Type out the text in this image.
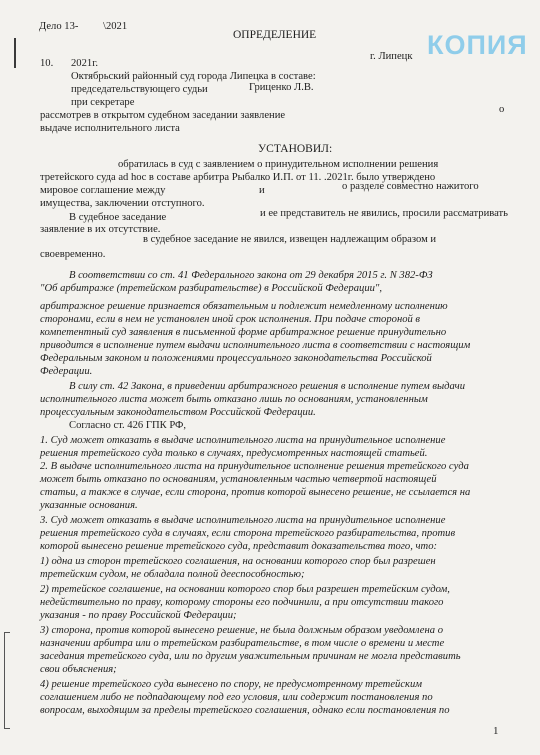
Дело 13- \2021
ОПРЕДЕЛЕНИЕ	КОПИЯ
10. 2021г.
г. Липецк
Октябрьский районный суд города Липецка в составе:
председательствующего судьи	Гриценко Л.В.
при секретаре
рассмотрев в открытом судебном заседании заявление
о
выдаче исполнительного листа
УСТАНОВИЛ:
обратилась в суд с заявлением о принудительном исполнении решения
третейского суда ad hoc в составе арбитра Рыбалко И.П. от 11. .2021г. было утверждено
мировое соглашение между	и	о разделе совместно нажитого
имущества, заключении отступного.
В судебное заседание	и ее представитель не явились, просили рассматривать
заявление в их отсутствие.
в судебное заседание не явился, извещен надлежащим образом и
своевременно.
В соответствии со ст. 41 Федерального закона от 29 декабря 2015 г. N 382-ФЗ
"Об арбитраже (третейском разбирательстве) в Российской Федерации",
арбитражное решение признается обязательным и подлежит немедленному исполнению
сторонами, если в нем не установлен иной срок исполнения. При подаче стороной в
компетентный суд заявления в письменной форме арбитражное решение принудительно
приводится в исполнение путем выдачи исполнительного листа в соответствии с настоящим
Федеральным законом и положениями процессуального законодательства Российской
Федерации.
В силу ст. 42 Закона, в приведении арбитражного решения в исполнение путем выдачи
исполнительного листа может быть отказано лишь по основаниям, установленным
процессуальным законодательством Российской Федерации.
Согласно ст. 426 ГПК РФ,
1. Суд может отказать в выдаче исполнительного листа на принудительное исполнение
решения третейского суда только в случаях, предусмотренных настоящей статьей.
2. В выдаче исполнительного листа на принудительное исполнение решения третейского суда
может быть отказано по основаниям, установленным частью четвертой настоящей
статьи, а также в случае, если сторона, против которой вынесено решение, не ссылается на
указанные основания.
3. Суд может отказать в выдаче исполнительного листа на принудительное исполнение
решения третейского суда в случаях, если сторона третейского разбирательства, против
которой вынесено решение третейского суда, представит доказательства того, что:
1) одна из сторон третейского соглашения, на основании которого спор был разрешен
третейским судом, не обладала полной дееспособностью;
2) третейское соглашение, на основании которого спор был разрешен третейским судом,
недействительно по праву, которому стороны его подчинили, а при отсутствии такого
указания - по праву Российской Федерации;
3) сторона, против которой вынесено решение, не была должным образом уведомлена о
назначении арбитра или о третейском разбирательстве, в том числе о времени и месте
заседания третейского суда, или по другим уважительным причинам не могла представить
свои объяснения;
4) решение третейского суда вынесено по спору, не предусмотренному третейским
соглашением либо не подпадающему под его условия, или содержит постановления по
вопросам, выходящим за пределы третейского соглашения, однако если постановления по
1
